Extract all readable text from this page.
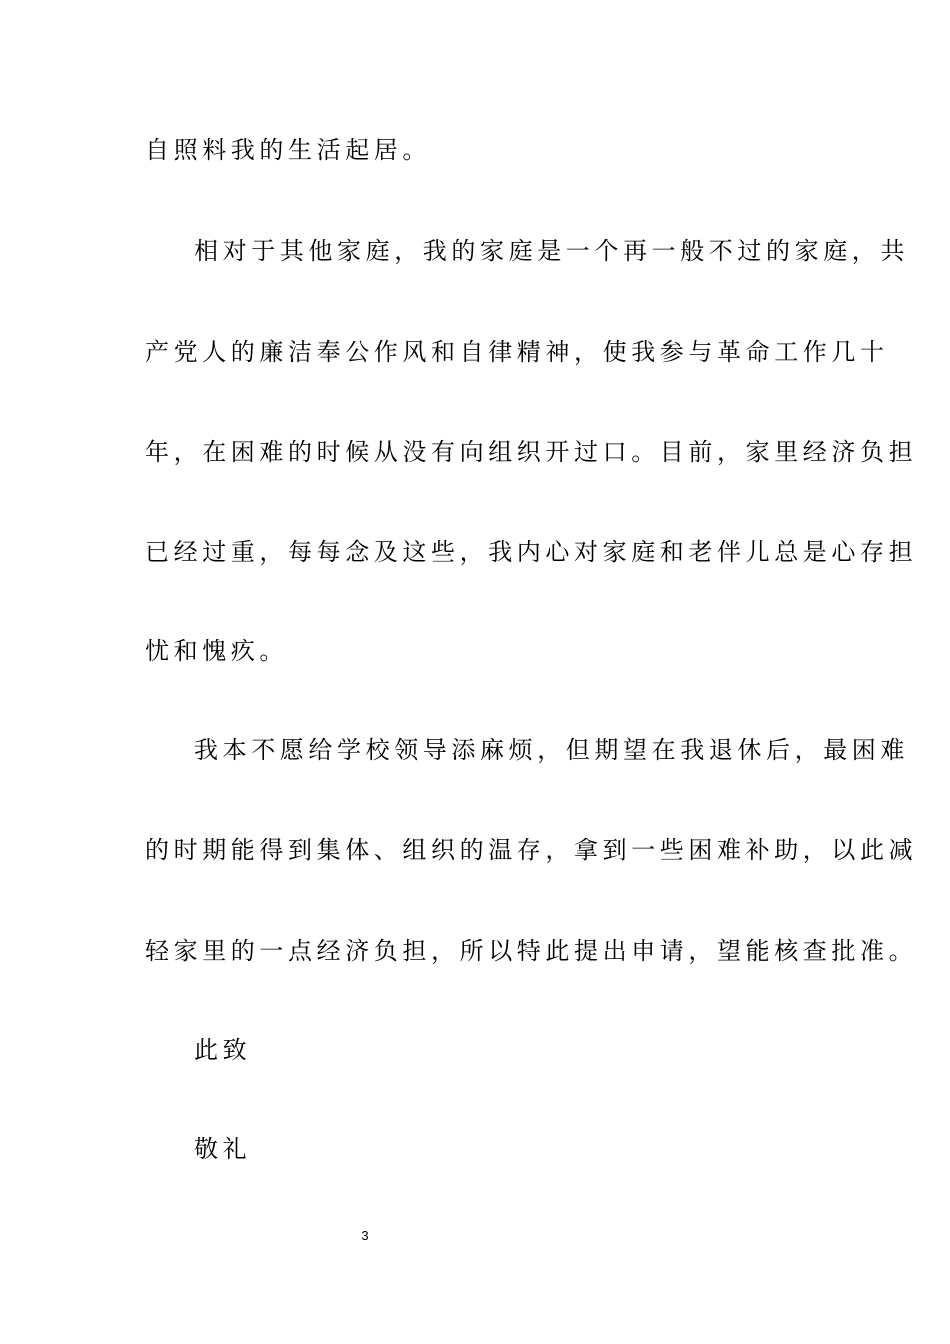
自照料我的生活起居。

相对于其他家庭，我的家庭是一个再一般不过的家庭，共

产党人的廉洁奉公作风和自律精神，使我参与革命工作几十

年，在困难的时候从没有向组织开过口。目前，家里经济负担

已经过重，每每念及这些，我内心对家庭和老伴儿总是心存担

忧和愧疚。

我本不愿给学校领导添麻烦，但期望在我退休后，最困难

的时期能得到集体、组织的温存，拿到一些困难补助，以此减

轻家里的一点经济负担，所以特此提出申请，望能核查批准。

此致

敬礼

3
